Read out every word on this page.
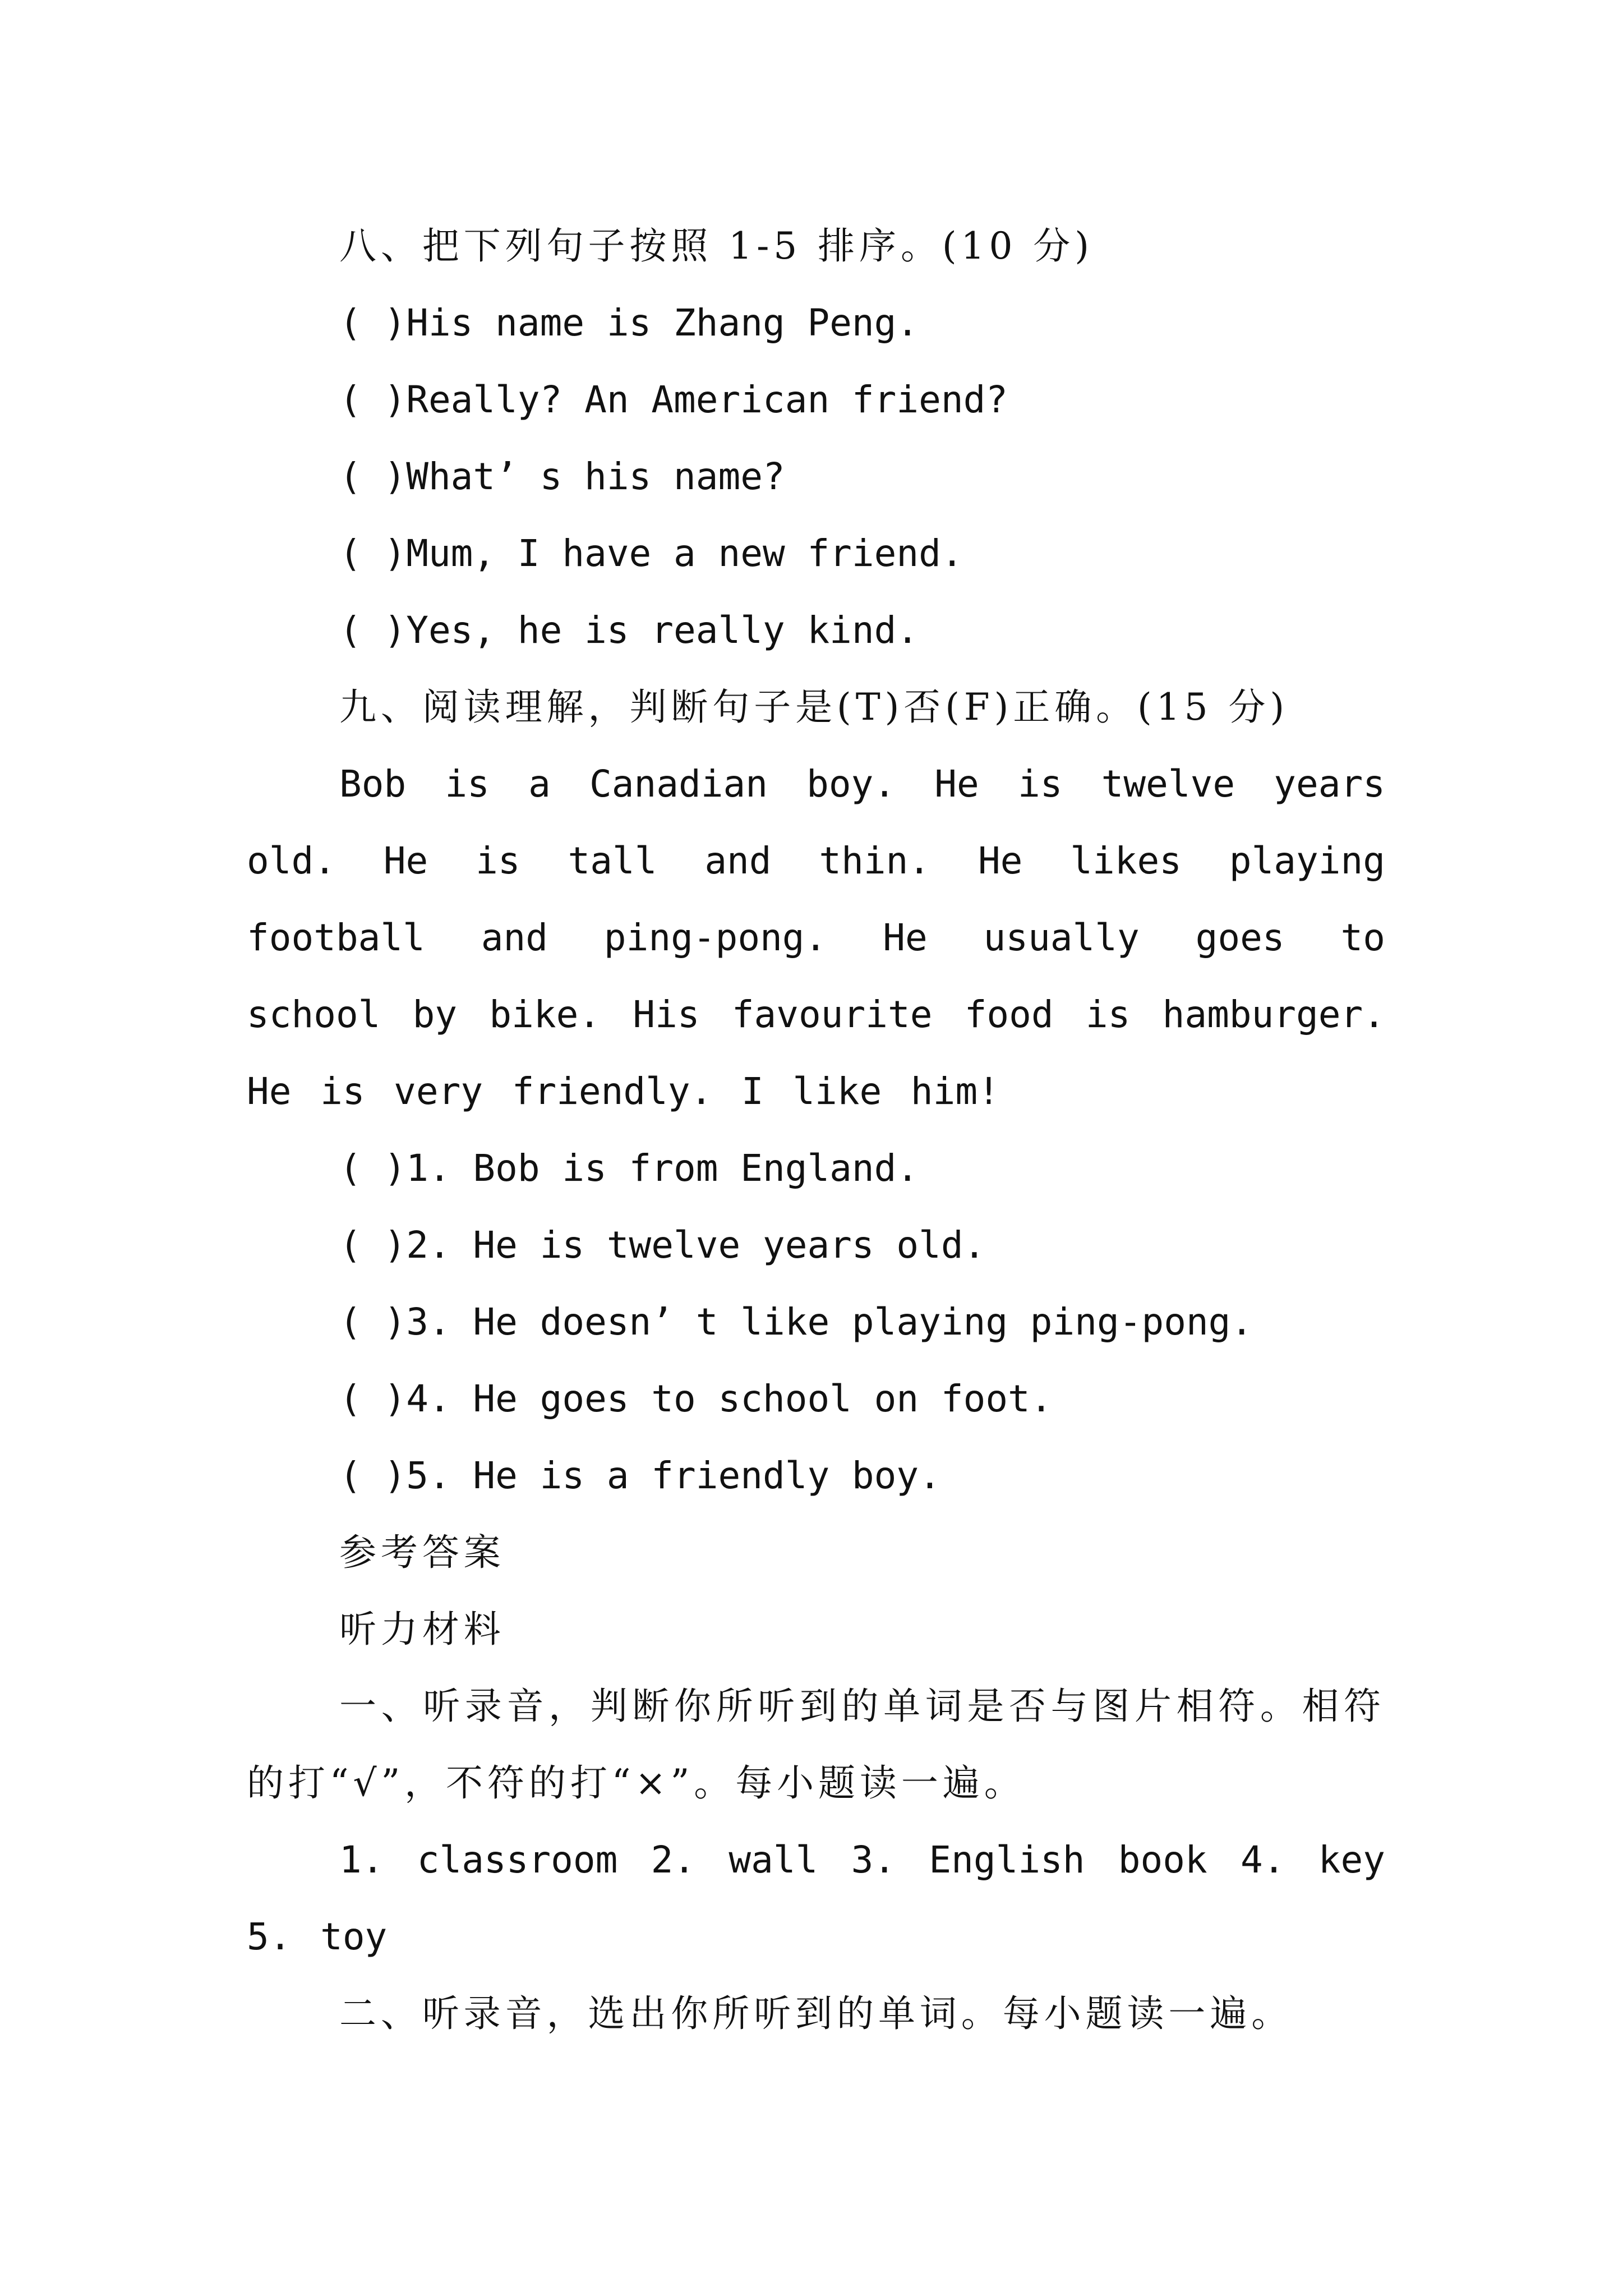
八、把下列句子按照 1-5 排序。(10 分)
( )His name is Zhang Peng.
( )Really? An American friend?
( )What’ s his name?
( )Mum, I have a new friend.
( )Yes, he is really kind.
九、阅读理解，判断句子是(T)否(F)正确。(15 分)
Bob is a Canadian boy. He is twelve years old. He is tall and thin. He likes playing football and ping-pong. He usually goes to school by bike. His favourite food is hamburger. He is very friendly. I like him!
( )1. Bob is from England.
( )2. He is twelve years old.
( )3. He doesn’ t like playing ping-pong.
( )4. He goes to school on foot.
( )5. He is a friendly boy.
参考答案
听力材料
一、听录音，判断你所听到的单词是否与图片相符。相符的打“√”，不符的打“×”。每小题读一遍。
1. classroom 2. wall 3. English book 4. key 5. toy
二、听录音，选出你所听到的单词。每小题读一遍。
